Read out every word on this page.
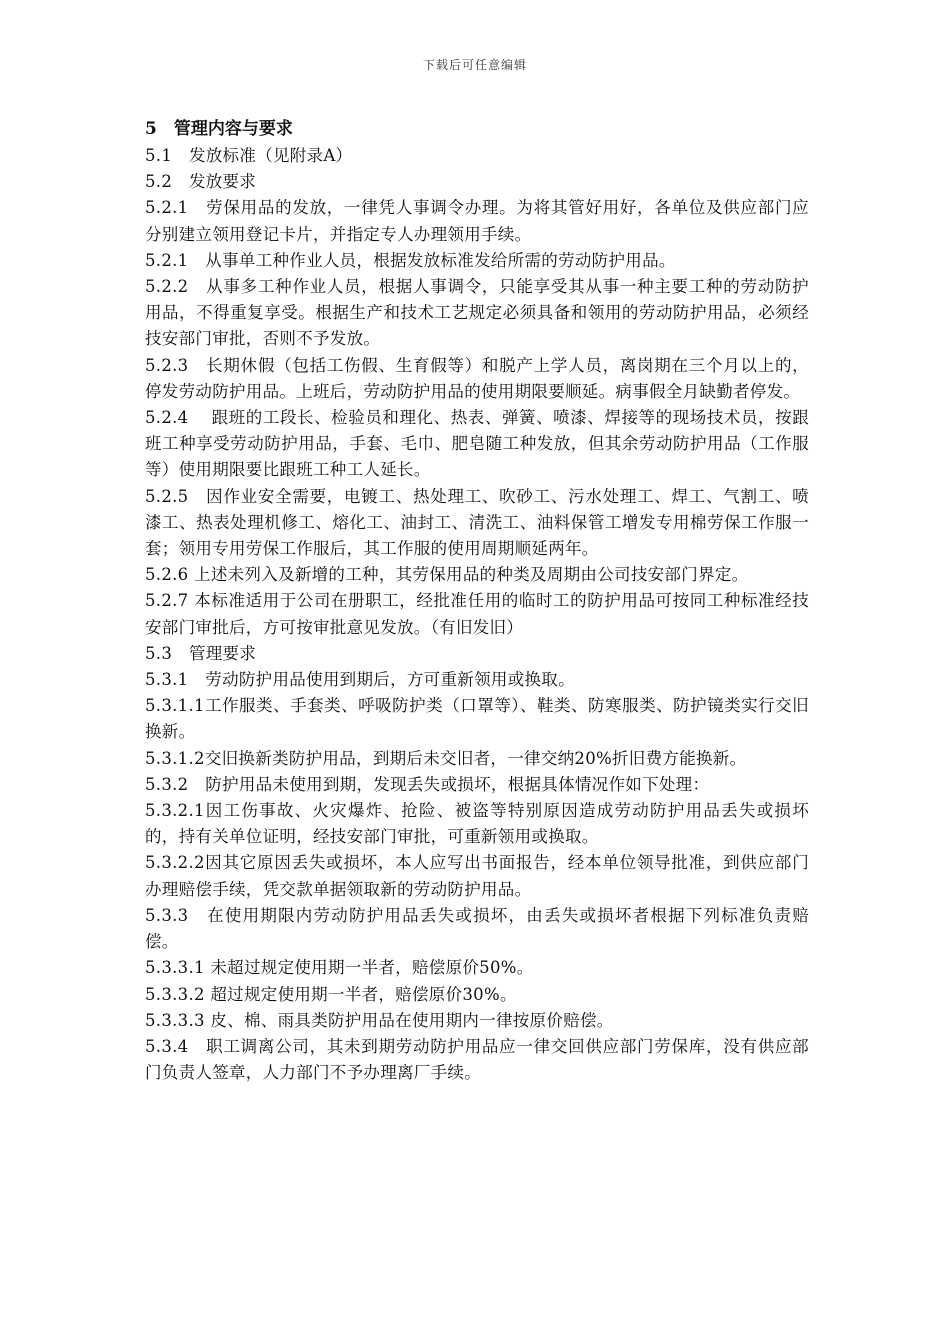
下载后可任意编辑
5　管理内容与要求

5.1　发放标准（见附录A）

5.2　发放要求

5.2.1　劳保用品的发放，一律凭人事调令办理。为将其管好用好，各单位及供应部门应分别建立领用登记卡片，并指定专人办理领用手续。

5.2.1　从事单工种作业人员，根据发放标准发给所需的劳动防护用品。

5.2.2　从事多工种作业人员，根据人事调令，只能享受其从事一种主要工种的劳动防护用品，不得重复享受。根据生产和技术工艺规定必须具备和领用的劳动防护用品，必须经技安部门审批，否则不予发放。

5.2.3　长期休假（包括工伤假、生育假等）和脱产上学人员，离岗期在三个月以上的，停发劳动防护用品。上班后，劳动防护用品的使用期限要顺延。病事假全月缺勤者停发。

5.2.4　 跟班的工段长、检验员和理化、热表、弹簧、喷漆、焊接等的现场技术员，按跟班工种享受劳动防护用品，手套、毛巾、肥皂随工种发放，但其余劳动防护用品（工作服等）使用期限要比跟班工种工人延长。

5.2.5　因作业安全需要，电镀工、热处理工、吹砂工、污水处理工、焊工、气割工、喷漆工、热表处理机修工、熔化工、油封工、清洗工、油料保管工增发专用棉劳保工作服一套；领用专用劳保工作服后，其工作服的使用周期顺延两年。

5.2.6 上述未列入及新增的工种，其劳保用品的种类及周期由公司技安部门界定。

5.2.7 本标准适用于公司在册职工，经批准任用的临时工的防护用品可按同工种标准经技安部门审批后，方可按审批意见发放。（有旧发旧）

5.3　管理要求

5.3.1　劳动防护用品使用到期后，方可重新领用或换取。

5.3.1.1工作服类、手套类、呼吸防护类（口罩等）、鞋类、防寒服类、防护镜类实行交旧换新。

5.3.1.2交旧换新类防护用品，到期后未交旧者，一律交纳20%折旧费方能换新。

5.3.2　防护用品未使用到期，发现丢失或损坏，根据具体情况作如下处理：

5.3.2.1因工伤事故、火灾爆炸、抢险、被盗等特别原因造成劳动防护用品丢失或损坏的，持有关单位证明，经技安部门审批，可重新领用或换取。

5.3.2.2因其它原因丢失或损坏，本人应写出书面报告，经本单位领导批准，到供应部门办理赔偿手续，凭交款单据领取新的劳动防护用品。

5.3.3　在使用期限内劳动防护用品丢失或损坏，由丢失或损坏者根据下列标准负责赔偿。

5.3.3.1 未超过规定使用期一半者，赔偿原价50%。

5.3.3.2 超过规定使用期一半者，赔偿原价30%。

5.3.3.3 皮、棉、雨具类防护用品在使用期内一律按原价赔偿。

5.3.4　职工调离公司，其未到期劳动防护用品应一律交回供应部门劳保库，没有供应部门负责人签章，人力部门不予办理离厂手续。
